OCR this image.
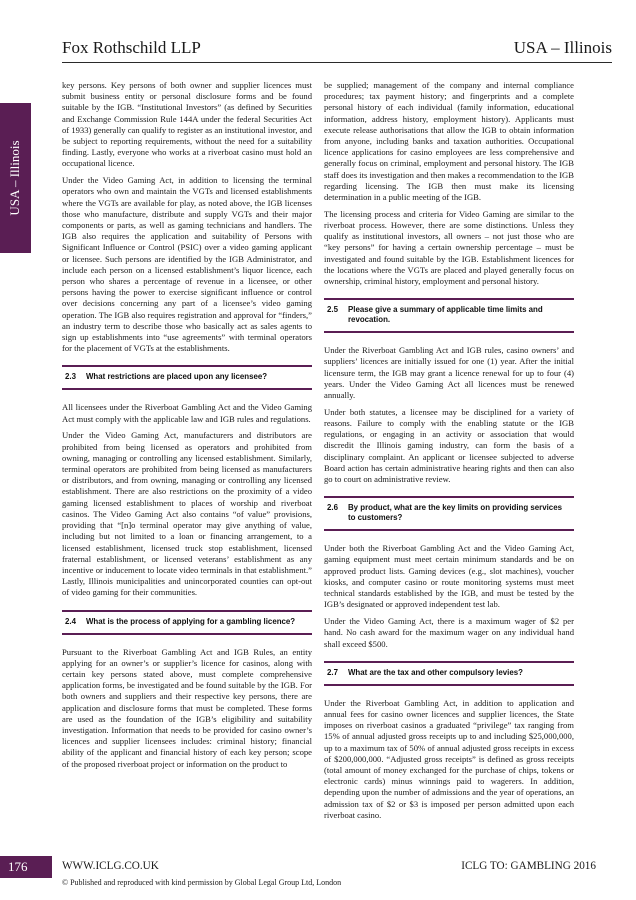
Fox Rothschild LLP	USA – Illinois
USA – Illinois

key persons. Key persons of both owner and supplier licences must submit business entity or personal disclosure forms and be found suitable by the IGB. “Institutional Investors” (as defined by Securities and Exchange Commission Rule 144A under the federal Securities Act of 1933) generally can qualify to register as an institutional investor, and be subject to reporting requirements, without the need for a suitability finding. Lastly, everyone who works at a riverboat casino must hold an occupational licence.

Under the Video Gaming Act, in addition to licensing the terminal operators who own and maintain the VGTs and licensed establishments where the VGTs are available for play, as noted above, the IGB licenses those who manufacture, distribute and supply VGTs and their major components or parts, as well as gaming technicians and handlers. The IGB also requires the application and suitability of Persons with Significant Influence or Control (PSIC) over a video gaming applicant or licensee. Such persons are identified by the IGB Administrator, and include each person on a licensed establishment’s liquor licence, each person who shares a percentage of revenue in a licensee, or other persons having the power to exercise significant influence or control over decisions concerning any part of a licensee’s video gaming operation. The IGB also requires registration and approval for “finders,” an industry term to describe those who basically act as sales agents to sign up establishments into “use agreements” with terminal operators for the placement of VGTs at the establishments.

2.3 What restrictions are placed upon any licensee?

All licensees under the Riverboat Gambling Act and the Video Gaming Act must comply with the applicable law and IGB rules and regulations.

Under the Video Gaming Act, manufacturers and distributors are prohibited from being licensed as operators and prohibited from owning, managing or controlling any licensed establishment. Similarly, terminal operators are prohibited from being licensed as manufacturers or distributors, and from owning, managing or controlling any licensed establishment. There are also restrictions on the proximity of a video gaming licensed establishment to places of worship and riverboat casinos. The Video Gaming Act also contains “of value” provisions, providing that “[n]o terminal operator may give anything of value, including but not limited to a loan or financing arrangement, to a licensed establishment, licensed truck stop establishment, licensed fraternal establishment, or licensed veterans’ establishment as any incentive or inducement to locate video terminals in that establishment.” Lastly, Illinois municipalities and unincorporated counties can opt-out of video gaming for their communities.

2.4 What is the process of applying for a gambling licence?

Pursuant to the Riverboat Gambling Act and IGB Rules, an entity applying for an owner’s or supplier’s licence for casinos, along with certain key persons stated above, must complete comprehensive application forms, be investigated and be found suitable by the IGB. For both owners and suppliers and their respective key persons, there are application and disclosure forms that must be completed. These forms are used as the foundation of the IGB’s eligibility and suitability investigation. Information that needs to be provided for casino owner’s licences and supplier licensees includes: criminal history; financial ability of the applicant and financial history of each key person; scope of the proposed riverboat project or information on the product to

be supplied; management of the company and internal compliance procedures; tax payment history; and fingerprints and a complete personal history of each individual (family information, educational information, address history, employment history). Applicants must execute release authorisations that allow the IGB to obtain information from anyone, including banks and taxation authorities. Occupational licence applications for casino employees are less comprehensive and generally focus on criminal, employment and personal history. The IGB staff does its investigation and then makes a recommendation to the IGB regarding licensing. The IGB then must make its licensing determination in a public meeting of the IGB.

The licensing process and criteria for Video Gaming are similar to the riverboat process. However, there are some distinctions. Unless they qualify as institutional investors, all owners – not just those who are “key persons” for having a certain ownership percentage – must be investigated and found suitable by the IGB. Establishment licences for the locations where the VGTs are placed and played generally focus on ownership, criminal history, employment and personal history.

2.5 Please give a summary of applicable time limits and revocation.

Under the Riverboat Gambling Act and IGB rules, casino owners’ and suppliers’ licences are initially issued for one (1) year. After the initial licensure term, the IGB may grant a licence renewal for up to four (4) years. Under the Video Gaming Act all licences must be renewed annually.

Under both statutes, a licensee may be disciplined for a variety of reasons. Failure to comply with the enabling statute or the IGB regulations, or engaging in an activity or association that would discredit the Illinois gaming industry, can form the basis of a disciplinary complaint. An applicant or licensee subjected to adverse Board action has certain administrative hearing rights and then can also go to court on administrative review.

2.6 By product, what are the key limits on providing services to customers?

Under both the Riverboat Gambling Act and the Video Gaming Act, gaming equipment must meet certain minimum standards and be on approved product lists. Gaming devices (e.g., slot machines), voucher kiosks, and computer casino or route monitoring systems must meet technical standards established by the IGB, and must be tested by the IGB’s designated or approved independent test lab.

Under the Video Gaming Act, there is a maximum wager of $2 per hand. No cash award for the maximum wager on any individual hand shall exceed $500.

2.7 What are the tax and other compulsory levies?

Under the Riverboat Gambling Act, in addition to application and annual fees for casino owner licences and supplier licences, the State imposes on riverboat casinos a graduated “privilege” tax ranging from 15% of annual adjusted gross receipts up to and including $25,000,000, up to a maximum tax of 50% of annual adjusted gross receipts in excess of $200,000,000. “Adjusted gross receipts” is defined as gross receipts (total amount of money exchanged for the purchase of chips, tokens or electronic cards) minus winnings paid to wagerers. In addition, depending upon the number of admissions and the year of operations, an admission tax of $2 or $3 is imposed per person admitted upon each riverboat casino.

176	WWW.ICLG.CO.UK	ICLG TO: GAMBLING 2016
© Published and reproduced with kind permission by Global Legal Group Ltd, London
